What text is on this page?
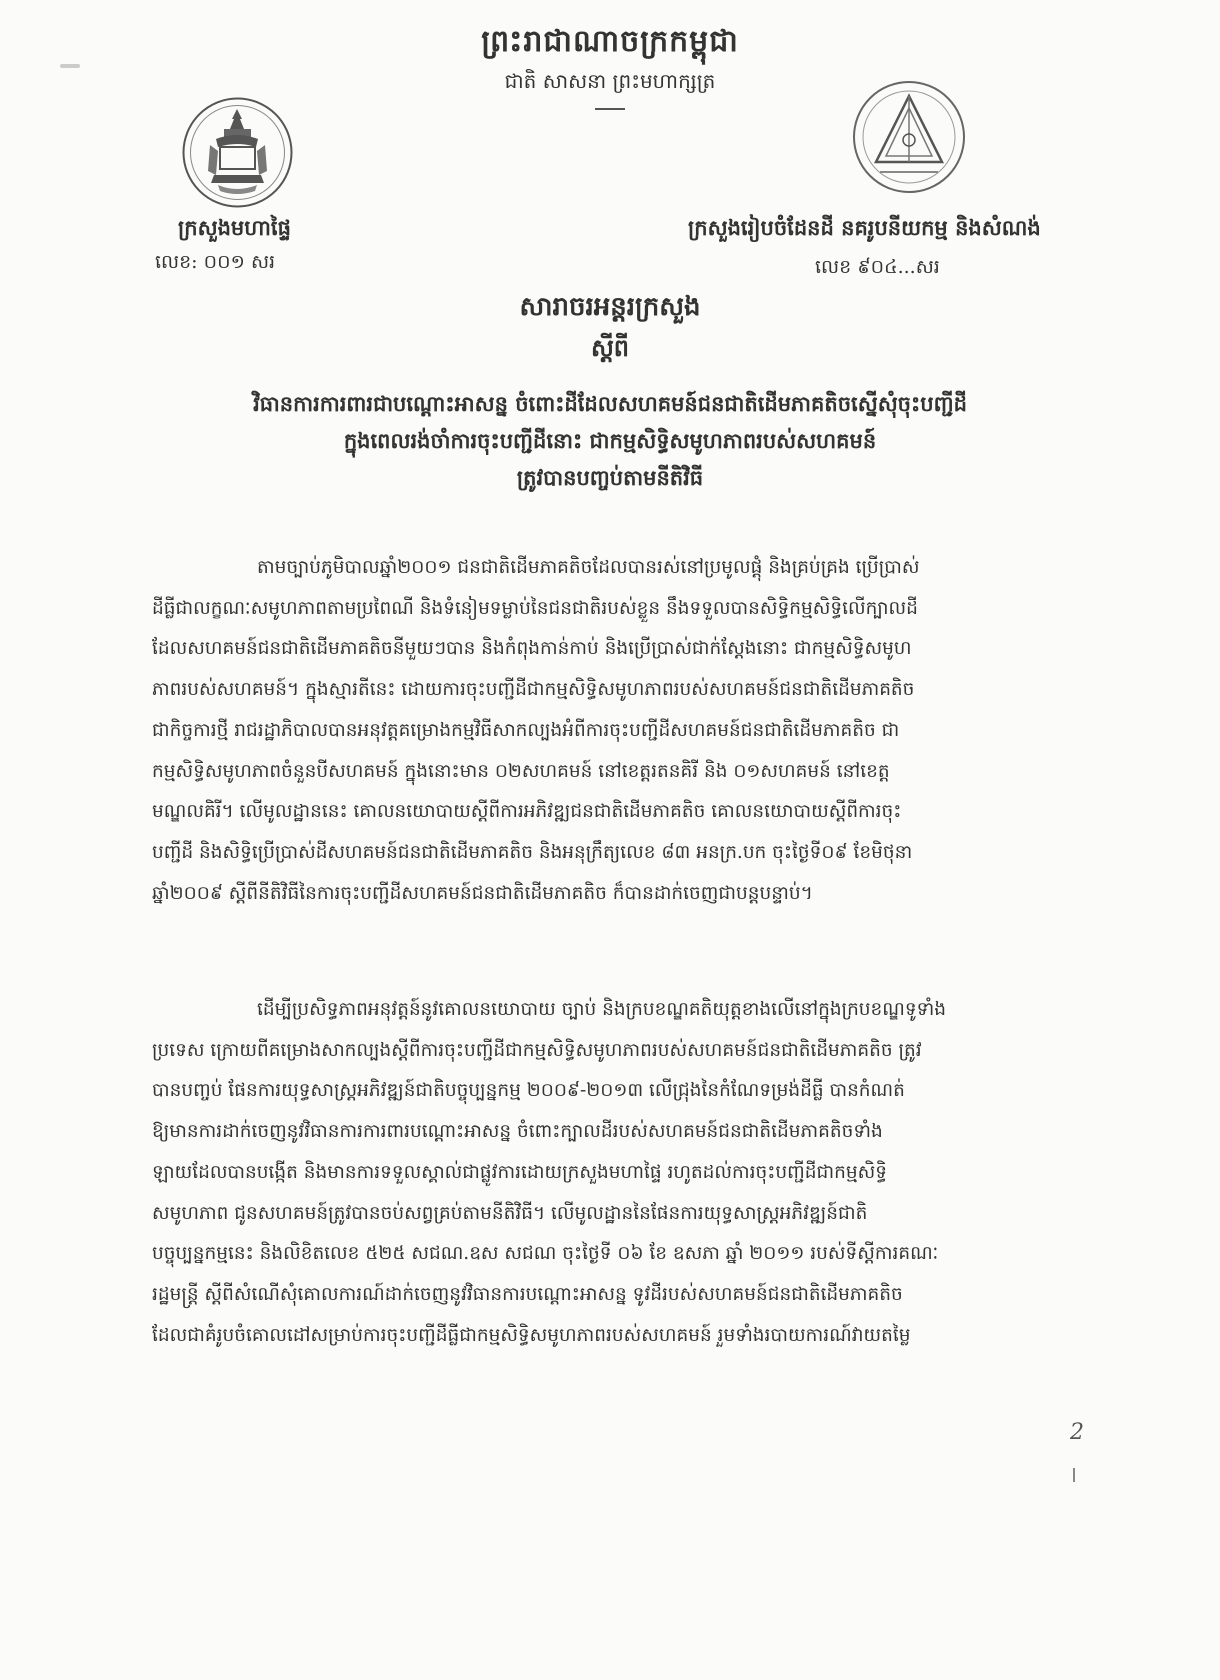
ព្រះរាជាណាចក្រកម្ពុជា
ជាតិ សាសនា ព្រះមហាក្សត្រ
ក្រសួងមហាផ្ទៃ
លេខ: ០០១ សរ
ក្រសួងរៀបចំដែនដី នគរូបនីយកម្ម និងសំណង់
លេខ ៩០៤...សរ
សារាចរអន្តរក្រសួង
ស្តីពី
វិធានការការពារជាបណ្តោះអាសន្ន ចំពោះដីដែលសហគមន៍ជនជាតិដើមភាគតិចស្នើសុំចុះបញ្ជីដី
ក្នុងពេលរង់ចាំការចុះបញ្ជីដីនោះ ជាកម្មសិទ្ធិសមូហភាពរបស់សហគមន៍
ត្រូវបានបញ្ចប់តាមនីតិវិធី
តាមច្បាប់ភូមិបាលឆ្នាំ២០០១ ជនជាតិដើមភាគតិចដែលបានរស់នៅប្រមូលផ្តុំ និងគ្រប់គ្រង ប្រើប្រាស់
ដីធ្លីជាលក្ខណៈសមូហភាពតាមប្រពៃណី និងទំនៀមទម្លាប់នៃជនជាតិរបស់ខ្លួន នឹងទទួលបានសិទ្ធិកម្មសិទ្ធិលើក្បាលដី
ដែលសហគមន៍ជនជាតិដើមភាគតិចនីមួយៗបាន និងកំពុងកាន់កាប់ និងប្រើប្រាស់ជាក់ស្តែងនោះ ជាកម្មសិទ្ធិសមូហ
ភាពរបស់សហគមន៍។ ក្នុងស្មារតីនេះ ដោយការចុះបញ្ជីដីជាកម្មសិទ្ធិសមូហភាពរបស់សហគមន៍ជនជាតិដើមភាគតិច
ជាកិច្ចការថ្មី រាជរដ្ឋាភិបាលបានអនុវត្តគម្រោងកម្មវិធីសាកល្បងអំពីការចុះបញ្ជីដីសហគមន៍ជនជាតិដើមភាគតិច ជា
កម្មសិទ្ធិសមូហភាពចំនួនបីសហគមន៍ ក្នុងនោះមាន ០២សហគមន៍ នៅខេត្តរតនគិរី និង ០១សហគមន៍ នៅខេត្ត
មណ្ឌលគិរី។ លើមូលដ្ឋាននេះ គោលនយោបាយស្តីពីការអភិវឌ្ឍជនជាតិដើមភាគតិច គោលនយោបាយស្តីពីការចុះ
បញ្ជីដី និងសិទ្ធិប្រើប្រាស់ដីសហគមន៍ជនជាតិដើមភាគតិច និងអនុក្រឹត្យលេខ ៨៣ អនក្រ.បក ចុះថ្ងៃទី០៩ ខែមិថុនា
ឆ្នាំ២០០៩ ស្តីពីនីតិវិធីនៃការចុះបញ្ជីដីសហគមន៍ជនជាតិដើមភាគតិច ក៏បានដាក់ចេញជាបន្តបន្ទាប់។
ដើម្បីប្រសិទ្ធភាពអនុវត្តន៍នូវគោលនយោបាយ ច្បាប់ និងក្របខណ្ឌគតិយុត្តខាងលើនៅក្នុងក្របខណ្ឌទូទាំង
ប្រទេស ក្រោយពីគម្រោងសាកល្បងស្តីពីការចុះបញ្ជីដីជាកម្មសិទ្ធិសមូហភាពរបស់សហគមន៍ជនជាតិដើមភាគតិច ត្រូវ
បានបញ្ចប់ ផែនការយុទ្ធសាស្ត្រអភិវឌ្ឍន៍ជាតិបច្ចុប្បន្នកម្ម ២០០៩-២០១៣ លើជ្រុងនៃកំណែទម្រង់ដីធ្លី បានកំណត់
ឱ្យមានការដាក់ចេញនូវវិធានការការពារបណ្តោះអាសន្ន ចំពោះក្បាលដីរបស់សហគមន៍ជនជាតិដើមភាគតិចទាំង
ឡាយដែលបានបង្កើត និងមានការទទួលស្គាល់ជាផ្លូវការដោយក្រសួងមហាផ្ទៃ រហូតដល់ការចុះបញ្ជីដីជាកម្មសិទ្ធិ
សមូហភាព ជូនសហគមន៍ត្រូវបានចប់សព្វគ្រប់តាមនីតិវិធី។ លើមូលដ្ឋាននៃផែនការយុទ្ធសាស្ត្រអភិវឌ្ឍន៍ជាតិ
បច្ចុប្បន្នកម្មនេះ និងលិខិតលេខ ៥២៥ សជណ.ឧស សជណ ចុះថ្ងៃទី ០៦ ខែ ឧសភា ឆ្នាំ ២០១១ របស់ទីស្តីការគណៈ
រដ្ឋមន្ត្រី ស្តីពីសំណើសុំគោលការណ៍ដាក់ចេញនូវវិធានការបណ្តោះអាសន្ន ទូវដីរបស់សហគមន៍ជនជាតិដើមភាគតិច
ដែលជាគំរូបចំគោលដៅសម្រាប់ការចុះបញ្ជីដីធ្លីជាកម្មសិទ្ធិសមូហភាពរបស់សហគមន៍ រួមទាំងរបាយការណ៍វាយតម្លៃ
2
